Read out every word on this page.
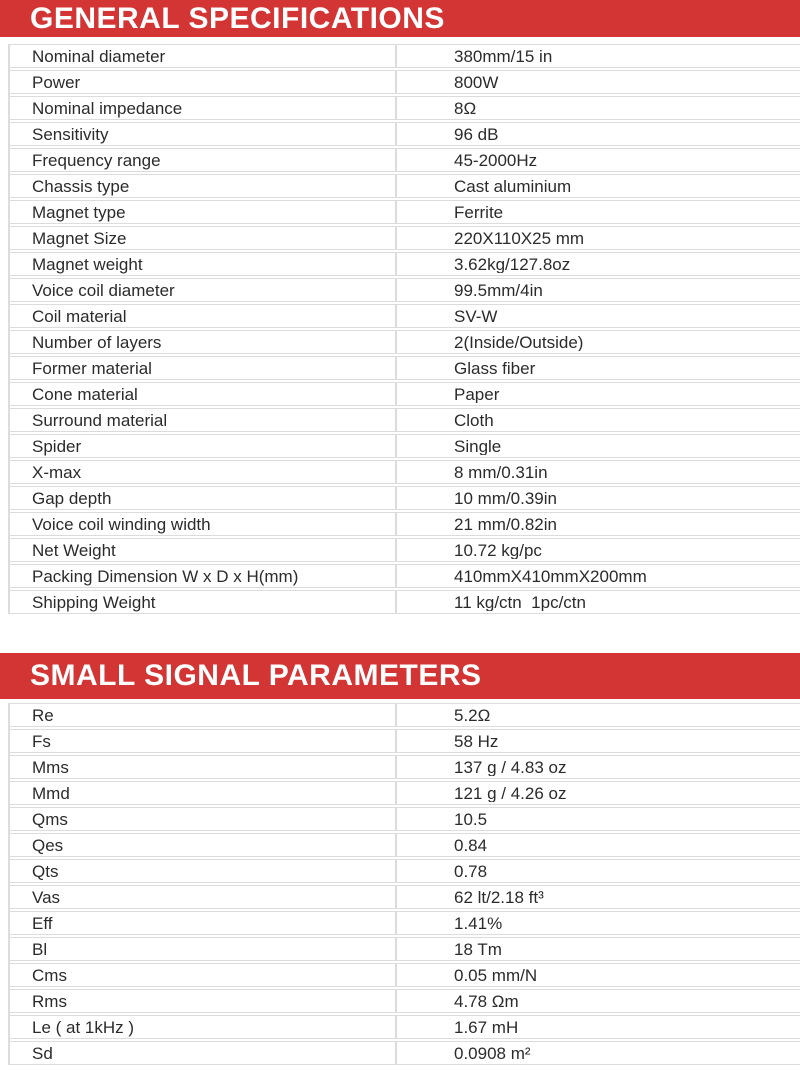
GENERAL SPECIFICATIONS
Nominal diameter	380mm/15 in
Power	800W
Nominal impedance	8Ω
Sensitivity	96 dB
Frequency range	45-2000Hz
Chassis type	Cast aluminium
Magnet type	Ferrite
Magnet Size	220X110X25 mm
Magnet weight	3.62kg/127.8oz
Voice coil diameter	99.5mm/4in
Coil material	SV-W
Number of layers	2(Inside/Outside)
Former material	Glass fiber
Cone material	Paper
Surround material	Cloth
Spider	Single
X-max	8 mm/0.31in
Gap depth	10 mm/0.39in
Voice coil winding width	21 mm/0.82in
Net Weight	10.72 kg/pc
Packing Dimension W x D x H(mm)	410mmX410mmX200mm
Shipping Weight	11 kg/ctn  1pc/ctn
SMALL SIGNAL PARAMETERS
Re	5.2Ω
Fs	58 Hz
Mms	137 g / 4.83 oz
Mmd	121 g / 4.26 oz
Qms	10.5
Qes	0.84
Qts	0.78
Vas	62 lt/2.18 ft³
Eff	1.41%
Bl	18 Tm
Cms	0.05 mm/N
Rms	4.78 Ωm
Le ( at 1kHz )	1.67 mH
Sd	0.0908 m²
